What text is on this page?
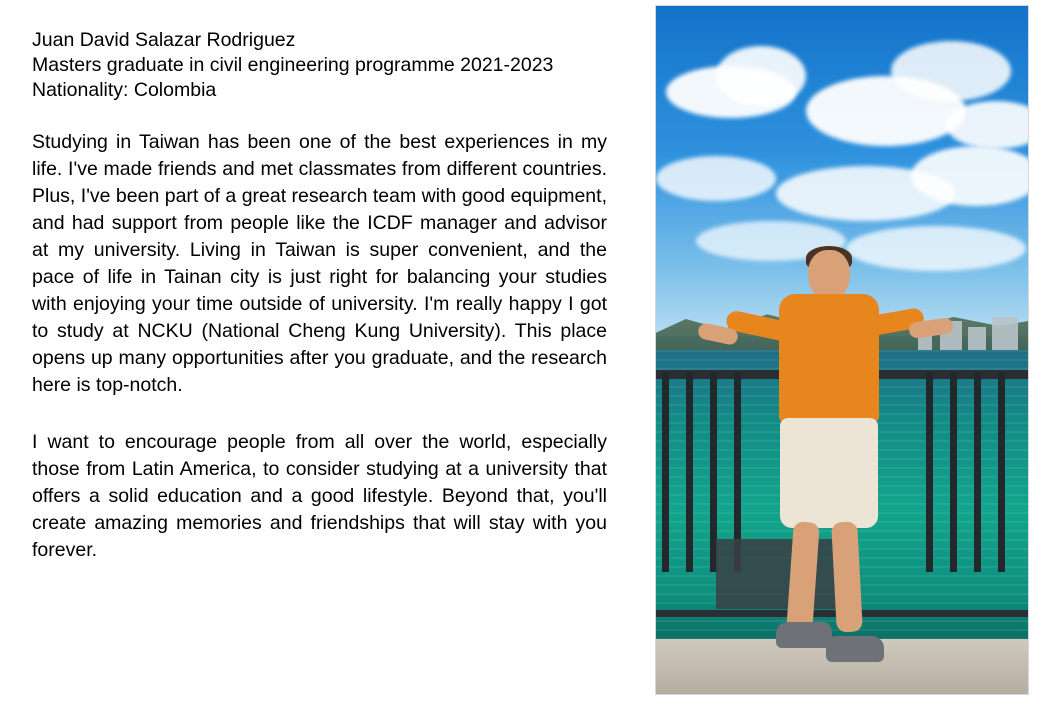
Juan David Salazar Rodriguez
Masters graduate in civil engineering programme 2021-2023
Nationality: Colombia

Studying in Taiwan has been one of the best experiences in my life. I've made friends and met classmates from different countries. Plus, I've been part of a great research team with good equipment, and had support from people like the ICDF manager and advisor at my university. Living in Taiwan is super convenient, and the pace of life in Tainan city is just right for balancing your studies with enjoying your time outside of university. I'm really happy I got to study at NCKU (National Cheng Kung University). This place opens up many opportunities after you graduate, and the research here is top-notch.

I want to encourage people from all over the world, especially those from Latin America, to consider studying at a university that offers a solid education and a good lifestyle. Beyond that, you'll create amazing memories and friendships that will stay with you forever.
